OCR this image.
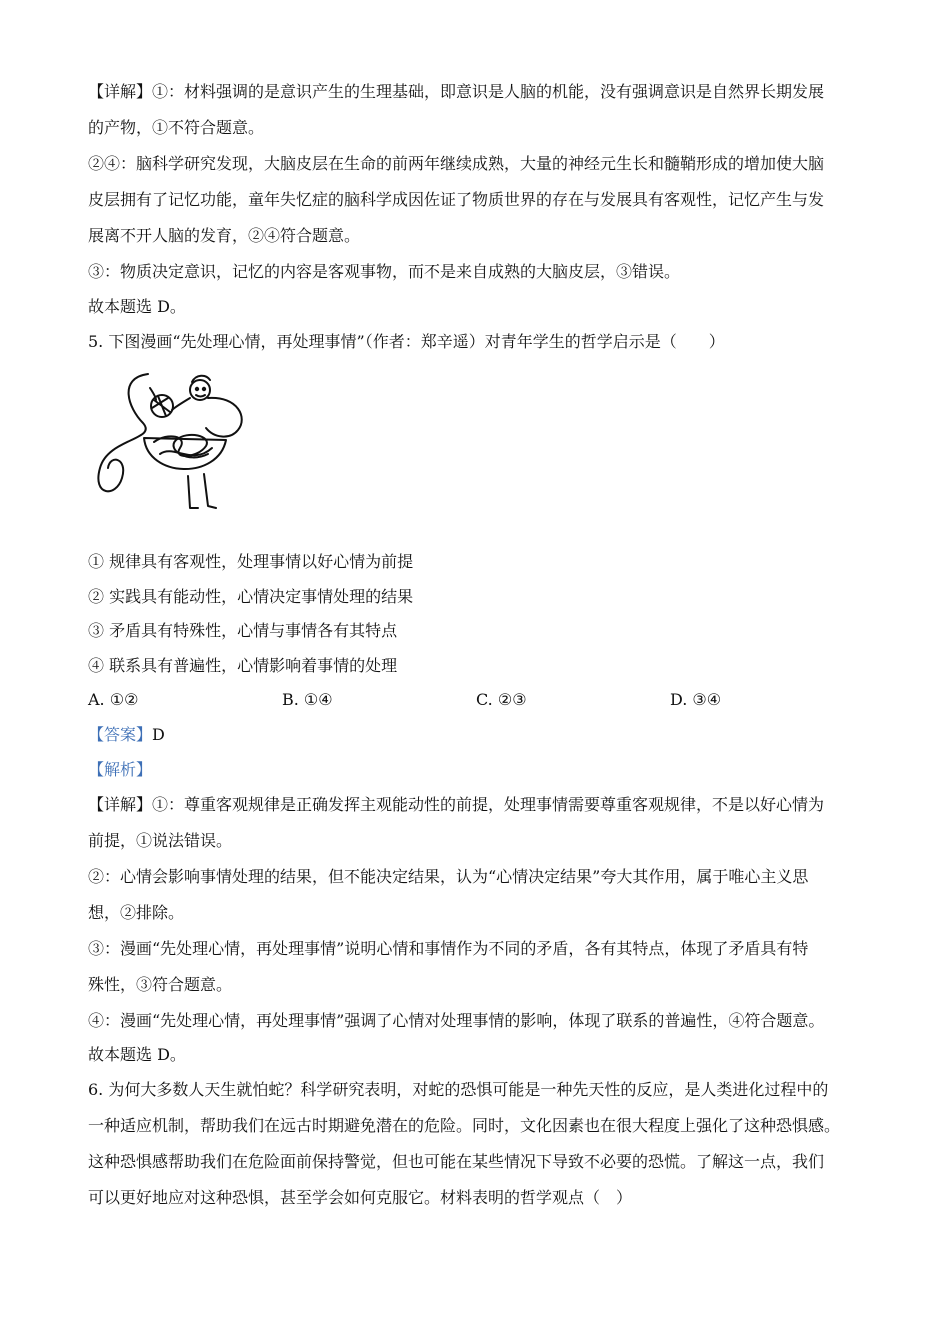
【详解】①：材料强调的是意识产生的生理基础，即意识是人脑的机能，没有强调意识是自然界长期发展
的产物，①不符合题意。
②④：脑科学研究发现，大脑皮层在生命的前两年继续成熟，大量的神经元生长和髓鞘形成的增加使大脑
皮层拥有了记忆功能，童年失忆症的脑科学成因佐证了物质世界的存在与发展具有客观性，记忆产生与发
展离不开人脑的发育，②④符合题意。
③：物质决定意识，记忆的内容是客观事物，而不是来自成熟的大脑皮层，③错误。
故本题选 D。
5. 下图漫画“先处理心情，再处理事情”（作者：郑辛遥）对青年学生的哲学启示是（　　）
① 规律具有客观性，处理事情以好心情为前提
② 实践具有能动性，心情决定事情处理的结果
③ 矛盾具有特殊性，心情与事情各有其特点
④ 联系具有普遍性，心情影响着事情的处理
A. ①②	B. ①④	C. ②③	D. ③④
【答案】D
【解析】
【详解】①：尊重客观规律是正确发挥主观能动性的前提，处理事情需要尊重客观规律，不是以好心情为
前提，①说法错误。
②：心情会影响事情处理的结果，但不能决定结果，认为“心情决定结果”夸大其作用，属于唯心主义思
想，②排除。
③：漫画“先处理心情，再处理事情”说明心情和事情作为不同的矛盾，各有其特点，体现了矛盾具有特
殊性，③符合题意。
④：漫画“先处理心情，再处理事情”强调了心情对处理事情的影响，体现了联系的普遍性，④符合题意。
故本题选 D。
6. 为何大多数人天生就怕蛇？科学研究表明，对蛇的恐惧可能是一种先天性的反应，是人类进化过程中的
一种适应机制，帮助我们在远古时期避免潜在的危险。同时，文化因素也在很大程度上强化了这种恐惧感。
这种恐惧感帮助我们在危险面前保持警觉，但也可能在某些情况下导致不必要的恐慌。了解这一点，我们
可以更好地应对这种恐惧，甚至学会如何克服它。材料表明的哲学观点（　）
